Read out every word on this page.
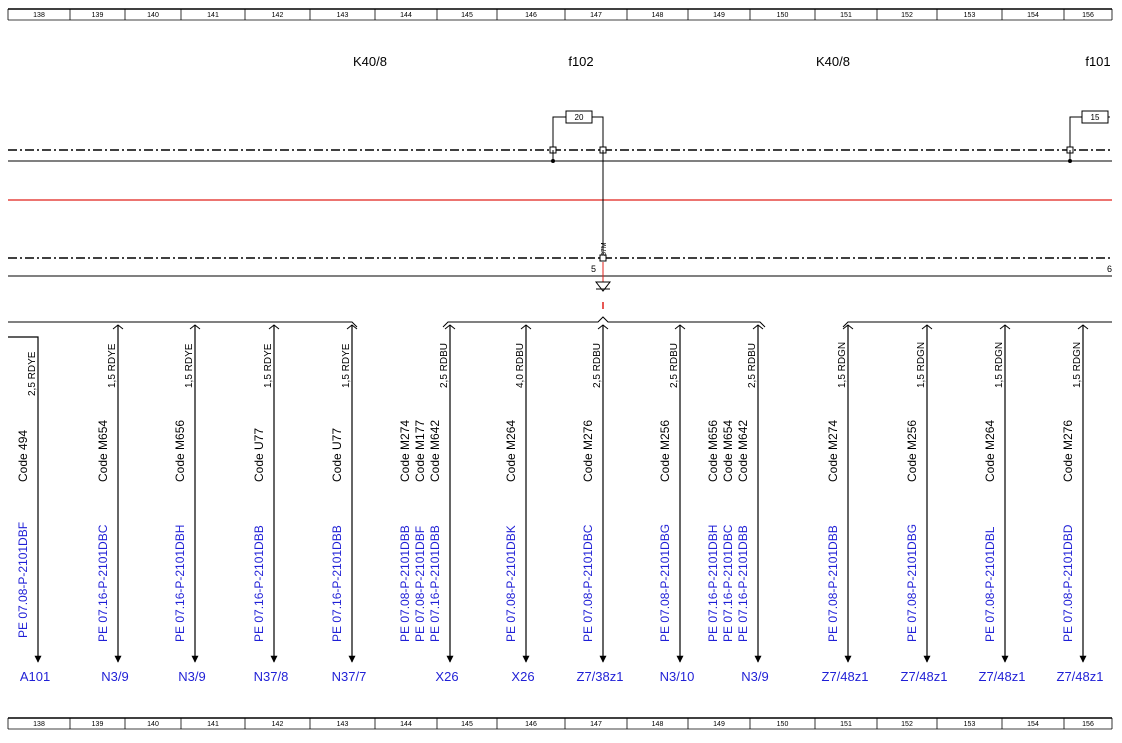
138	139	140	141	142	143	144	145	146	147	148	149	150	151	152	153	154	156
138	139	140	141	142	143	144	145	146	147	148	149	150	151	152	153	154	156
K40/8	f102	K40/8	f101
20	15
87M
5	6
2,5 RDYE
Code 494
PE 07.08-P-2101DBF
A101
1,5 RDYE
Code M654
PE 07.16-P-2101DBC
N3/9
1,5 RDYE
Code M656
PE 07.16-P-2101DBH
N3/9
1,5 RDYE
Code U77
PE 07.16-P-2101DBB
N37/8
1,5 RDYE
Code U77
PE 07.16-P-2101DBB
N37/7
2,5 RDBU
Code M274 Code M177 Code M642
PE 07.08-P-2101DBB PE 07.08-P-2101DBF PE 07.16-P-2101DBB
X26
4,0 RDBU
Code M264
PE 07.08-P-2101DBK
X26
2,5 RDBU
Code M276
PE 07.08-P-2101DBC
Z7/38z1
2,5 RDBU
Code M256
PE 07.08-P-2101DBG
N3/10
2,5 RDBU
Code M656 Code M654 Code M642
PE 07.16-P-2101DBH PE 07.16-P-2101DBC PE 07.16-P-2101DBB
N3/9
1,5 RDGN
Code M274
PE 07.08-P-2101DBB
Z7/48z1
1,5 RDGN
Code M256
PE 07.08-P-2101DBG
Z7/48z1
1,5 RDGN
Code M264
PE 07.08-P-2101DBL
Z7/48z1
1,5 RDGN
Code M276
PE 07.08-P-2101DBD
Z7/48z1
